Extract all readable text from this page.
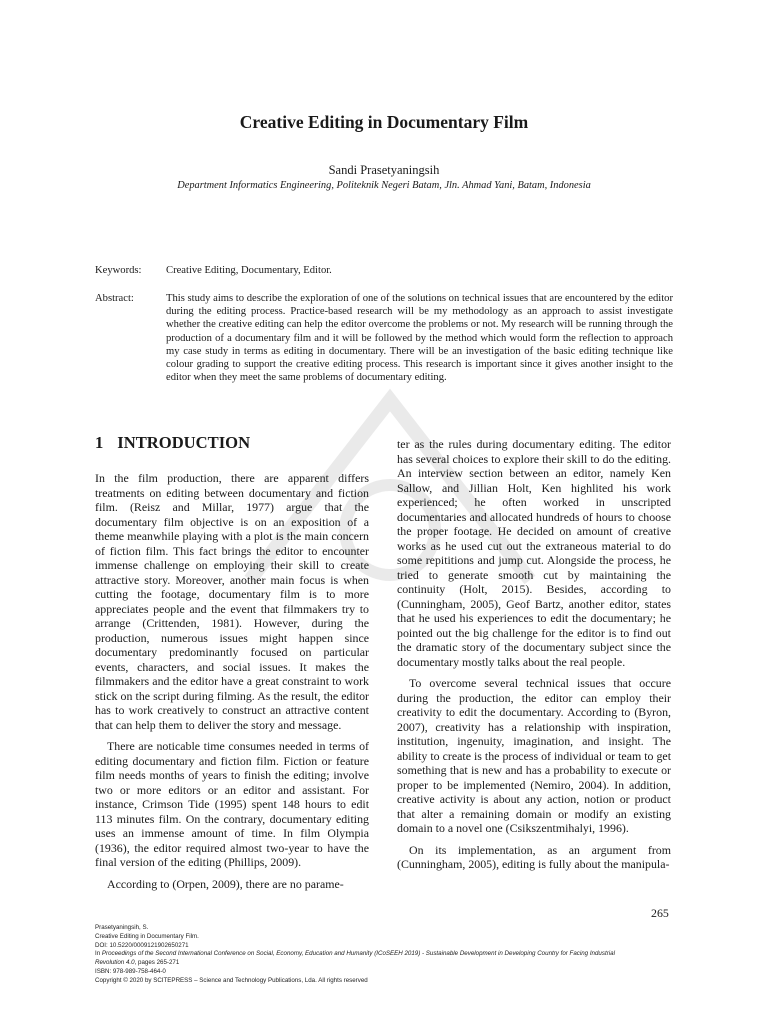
Creative Editing in Documentary Film
Sandi Prasetyaningsih
Department Informatics Engineering, Politeknik Negeri Batam, Jln. Ahmad Yani, Batam, Indonesia
Keywords: Creative Editing, Documentary, Editor.
Abstract:	This study aims to describe the exploration of one of the solutions on technical issues that are encountered by the editor during the editing process. Practice-based research will be my methodology as an approach to assist investigate whether the creative editing can help the editor overcome the problems or not. My research will be running through the production of a documentary film and it will be followed by the method which would form the reflection to approach my case study in terms as editing in documentary. There will be an investigation of the basic editing technique like colour grading to support the creative editing process. This research is important since it gives another insight to the editor when they meet the same problems of documentary editing.
1 INTRODUCTION

In the film production, there are apparent differs treatments on editing between documentary and fiction film. (Reisz and Millar, 1977) argue that the documentary film objective is on an exposition of a theme meanwhile playing with a plot is the main concern of fiction film. This fact brings the editor to encounter immense challenge on employing their skill to create attractive story. Moreover, another main focus is when cutting the footage, documentary film is to more appreciates people and the event that filmmakers try to arrange (Crittenden, 1981). However, during the production, numerous issues might happen since documentary predominantly focused on particular events, characters, and social issues. It makes the filmmakers and the editor have a great constraint to work stick on the script during filming. As the result, the editor has to work creatively to construct an attractive content that can help them to deliver the story and message.

There are noticable time consumes needed in terms of editing documentary and fiction film. Fiction or feature film needs months of years to finish the editing; involve two or more editors or an editor and assistant. For instance, Crimson Tide (1995) spent 148 hours to edit 113 minutes film. On the contrary, documentary editing uses an immense amount of time. In film Olympia (1936), the editor required almost two-year to have the final version of the editing (Phillips, 2009).

According to (Orpen, 2009), there are no parame-

ter as the rules during documentary editing. The editor has several choices to explore their skill to do the editing. An interview section between an editor, namely Ken Sallow, and Jillian Holt, Ken highlited his work experienced; he often worked in unscripted documentaries and allocated hundreds of hours to choose the proper footage. He decided on amount of creative works as he used cut out the extraneous material to do some repititions and jump cut. Alongside the process, he tried to generate smooth cut by maintaining the continuity (Holt, 2015). Besides, according to (Cunningham, 2005), Geof Bartz, another editor, states that he used his experiences to edit the documentary; he pointed out the big challenge for the editor is to find out the dramatic story of the documentary subject since the documentary mostly talks about the real people.

To overcome several technical issues that occure during the production, the editor can employ their creativity to edit the documentary. According to (Byron, 2007), creativity has a relationship with inspiration, institution, ingenuity, imagination, and insight. The ability to create is the process of individual or team to get something that is new and has a probability to execute or proper to be implemented (Nemiro, 2004). In addition, creative activity is about any action, notion or product that alter a remaining domain or modify an existing domain to a novel one (Csikszentmihalyi, 1996).

On its implementation, as an argument from (Cunningham, 2005), editing is fully about the manipula-

265
Prasetyaningsih, S.
Creative Editing in Documentary Film.
DOI: 10.5220/0009121902650271
In Proceedings of the Second International Conference on Social, Economy, Education and Humanity (ICoSEEH 2019) - Sustainable Development in Developing Country for Facing Industrial
Revolution 4.0, pages 265-271
ISBN: 978-989-758-464-0
Copyright © 2020 by SCITEPRESS – Science and Technology Publications, Lda. All rights reserved
